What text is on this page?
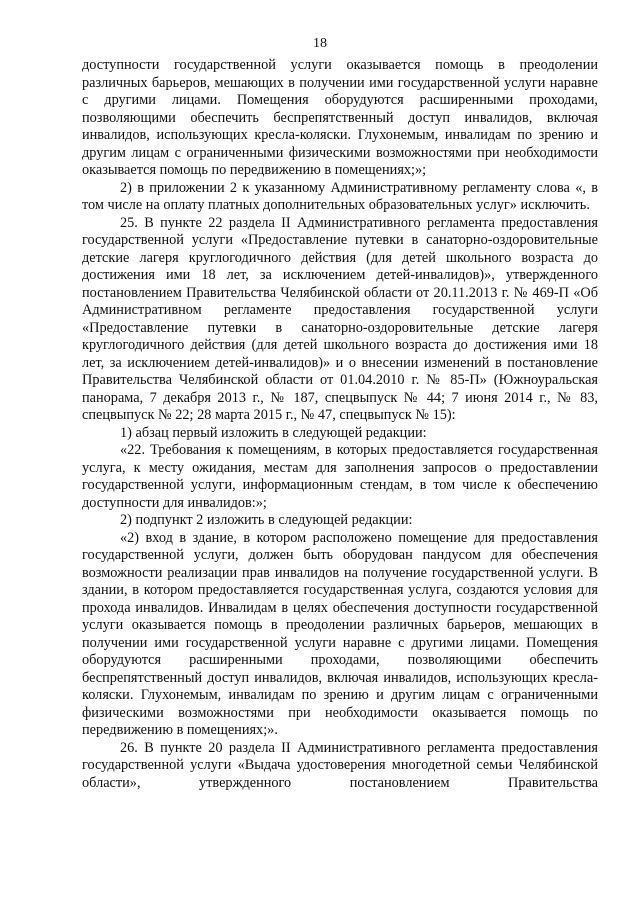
18

доступности государственной услуги оказывается помощь в преодолении различных барьеров, мешающих в получении ими государственной услуги наравне с другими лицами. Помещения оборудуются расширенными проходами, позволяющими обеспечить беспрепятственный доступ инвалидов, включая инвалидов, использующих кресла-коляски. Глухонемым, инвалидам по зрению и другим лицам с ограниченными физическими возможностями при необходимости оказывается помощь по передвижению в помещениях;»;

2) в приложении 2 к указанному Административному регламенту слова «, в том числе на оплату платных дополнительных образовательных услуг» исключить.

25. В пункте 22 раздела II Административного регламента предоставления государственной услуги «Предоставление путевки в санаторно-оздоровительные детские лагеря круглогодичного действия (для детей школьного возраста до достижения ими 18 лет, за исключением детей-инвалидов)», утвержденного постановлением Правительства Челябинской области от 20.11.2013 г. № 469-П «Об Административном регламенте предоставления государственной услуги «Предоставление путевки в санаторно-оздоровительные детские лагеря круглогодичного действия (для детей школьного возраста до достижения ими 18 лет, за исключением детей-инвалидов)» и о внесении изменений в постановление Правительства Челябинской области от 01.04.2010 г. № 85-П» (Южноуральская панорама, 7 декабря 2013 г., № 187, спецвыпуск № 44; 7 июня 2014 г., № 83, спецвыпуск № 22; 28 марта 2015 г., № 47, спецвыпуск № 15):

1) абзац первый изложить в следующей редакции:

«22. Требования к помещениям, в которых предоставляется государственная услуга, к месту ожидания, местам для заполнения запросов о предоставлении государственной услуги, информационным стендам, в том числе к обеспечению доступности для инвалидов:»;

2) подпункт 2 изложить в следующей редакции:

«2) вход в здание, в котором расположено помещение для предоставления государственной услуги, должен быть оборудован пандусом для обеспечения возможности реализации прав инвалидов на получение государственной услуги. В здании, в котором предоставляется государственная услуга, создаются условия для прохода инвалидов. Инвалидам в целях обеспечения доступности государственной услуги оказывается помощь в преодолении различных барьеров, мешающих в получении ими государственной услуги наравне с другими лицами. Помещения оборудуются расширенными проходами, позволяющими обеспечить беспрепятственный доступ инвалидов, включая инвалидов, использующих кресла-коляски. Глухонемым, инвалидам по зрению и другим лицам с ограниченными физическими возможностями при необходимости оказывается помощь по передвижению в помещениях;».

26. В пункте 20 раздела II Административного регламента предоставления государственной услуги «Выдача удостоверения многодетной семьи Челябинской области», утвержденного постановлением Правительства
